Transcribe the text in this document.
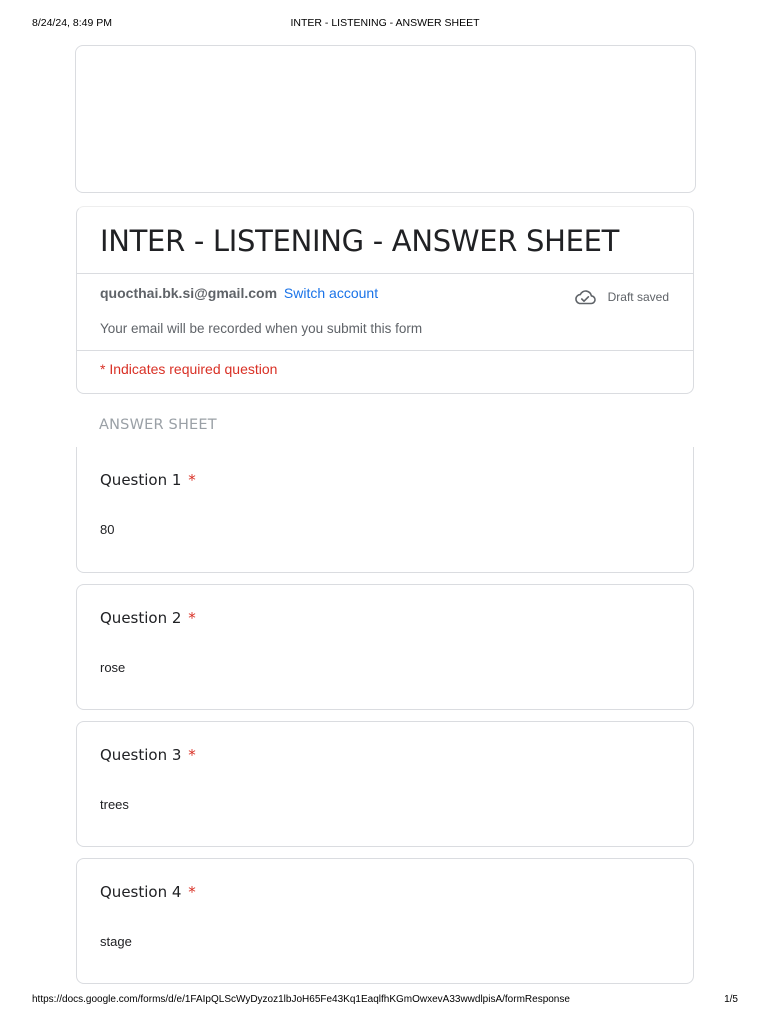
8/24/24, 8:49 PM	INTER - LISTENING - ANSWER SHEET
INTER - LISTENING - ANSWER SHEET
quocthai.bk.si@gmail.com Switch account	Draft saved
Your email will be recorded when you submit this form
* Indicates required question
ANSWER SHEET
Question 1 *
80
Question 2 *
rose
Question 3 *
trees
Question 4 *
stage
https://docs.google.com/forms/d/e/1FAIpQLScWyDyzoz1lbJoH65Fe43Kq1EaqlfhKGmOwxevA33wwdlpisA/formResponse	1/5
